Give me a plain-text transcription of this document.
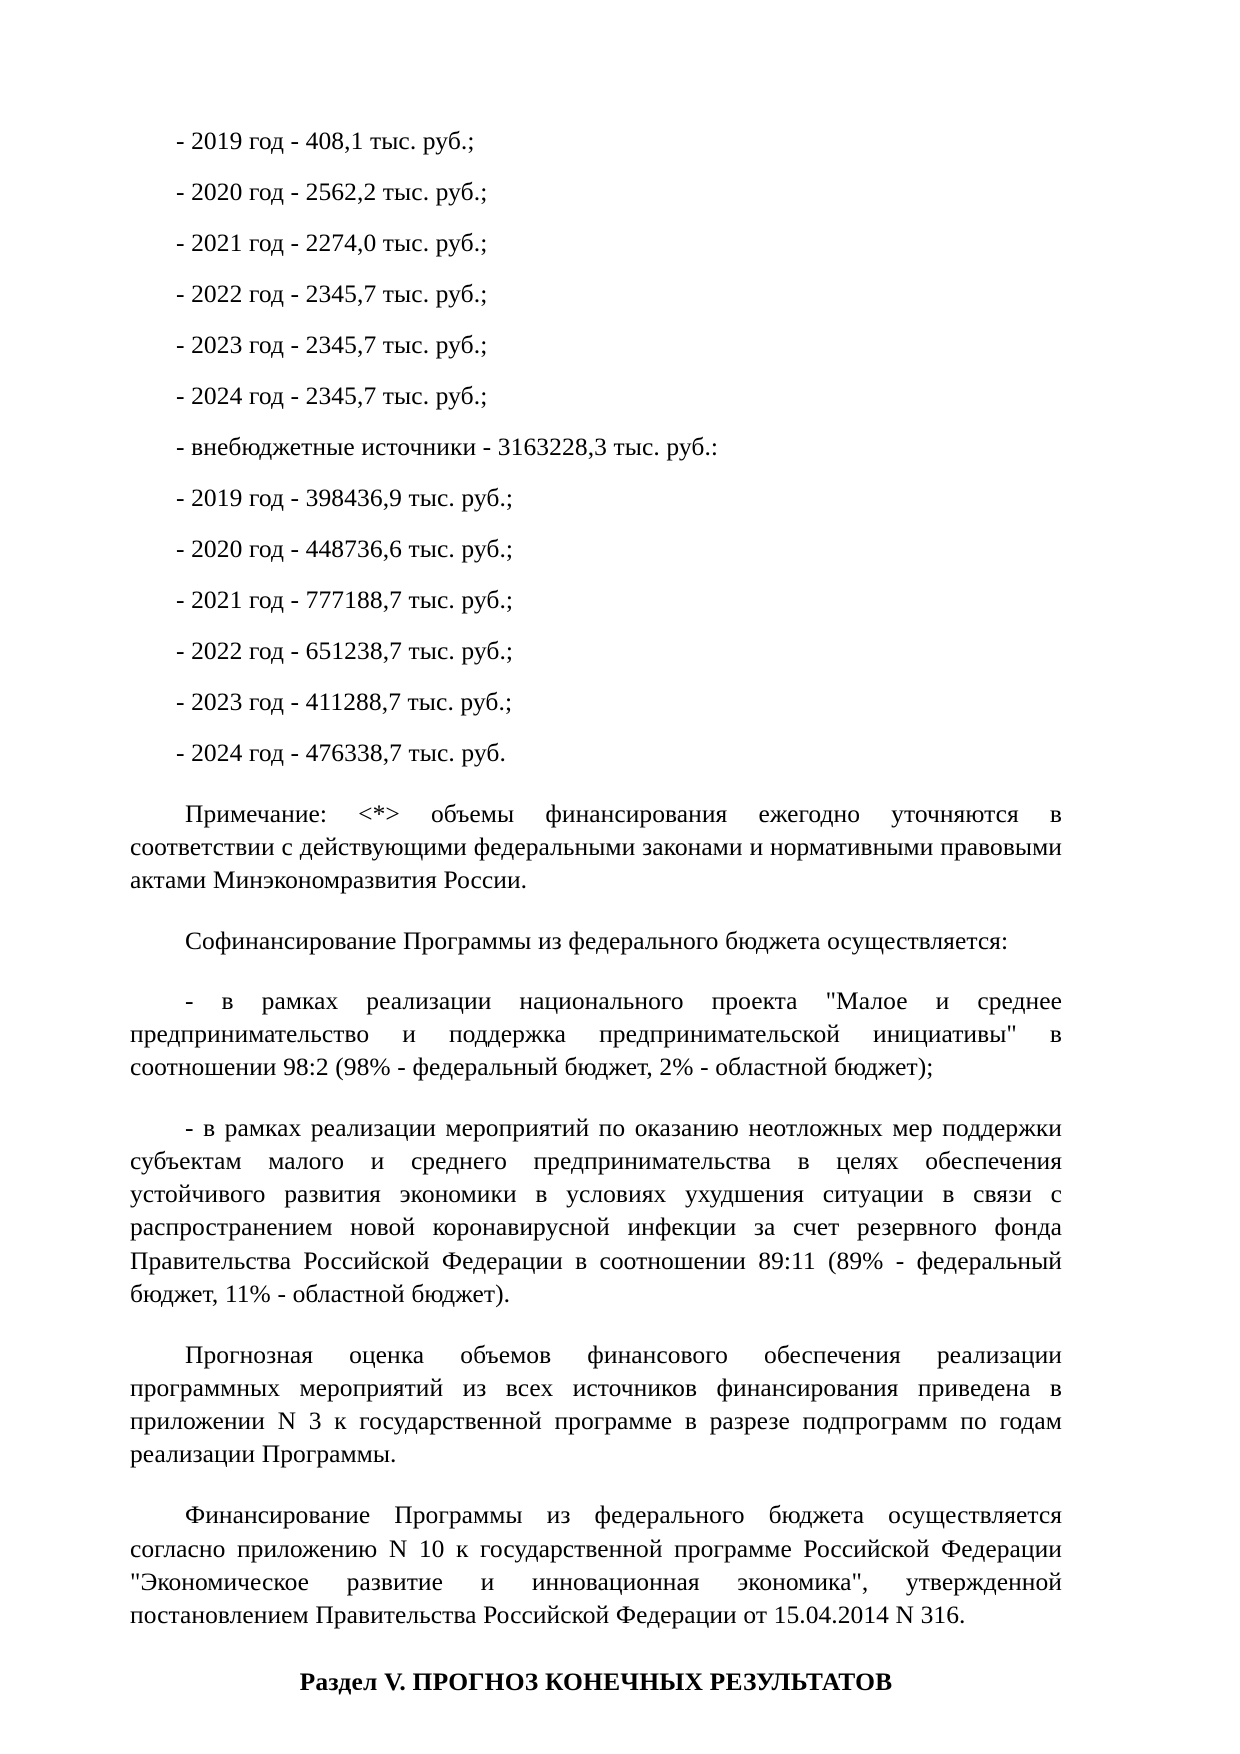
- 2019 год - 408,1 тыс. руб.;

- 2020 год - 2562,2 тыс. руб.;

- 2021 год - 2274,0 тыс. руб.;

- 2022 год - 2345,7 тыс. руб.;

- 2023 год - 2345,7 тыс. руб.;

- 2024 год - 2345,7 тыс. руб.;

- внебюджетные источники - 3163228,3 тыс. руб.:

- 2019 год - 398436,9 тыс. руб.;

- 2020 год - 448736,6 тыс. руб.;

- 2021 год - 777188,7 тыс. руб.;

- 2022 год - 651238,7 тыс. руб.;

- 2023 год - 411288,7 тыс. руб.;

- 2024 год - 476338,7 тыс. руб.

Примечание: <*> объемы финансирования ежегодно уточняются в соответствии с действующими федеральными законами и нормативными правовыми актами Минэкономразвития России.

Софинансирование Программы из федерального бюджета осуществляется:

- в рамках реализации национального проекта "Малое и среднее предпринимательство и поддержка предпринимательской инициативы" в соотношении 98:2 (98% - федеральный бюджет, 2% - областной бюджет);

- в рамках реализации мероприятий по оказанию неотложных мер поддержки субъектам малого и среднего предпринимательства в целях обеспечения устойчивого развития экономики в условиях ухудшения ситуации в связи с распространением новой коронавирусной инфекции за счет резервного фонда Правительства Российской Федерации в соотношении 89:11 (89% - федеральный бюджет, 11% - областной бюджет).

Прогнозная оценка объемов финансового обеспечения реализации программных мероприятий из всех источников финансирования приведена в приложении N 3 к государственной программе в разрезе подпрограмм по годам реализации Программы.

Финансирование Программы из федерального бюджета осуществляется согласно приложению N 10 к государственной программе Российской Федерации "Экономическое развитие и инновационная экономика", утвержденной постановлением Правительства Российской Федерации от 15.04.2014 N 316.

Раздел V. ПРОГНОЗ КОНЕЧНЫХ РЕЗУЛЬТАТОВ
